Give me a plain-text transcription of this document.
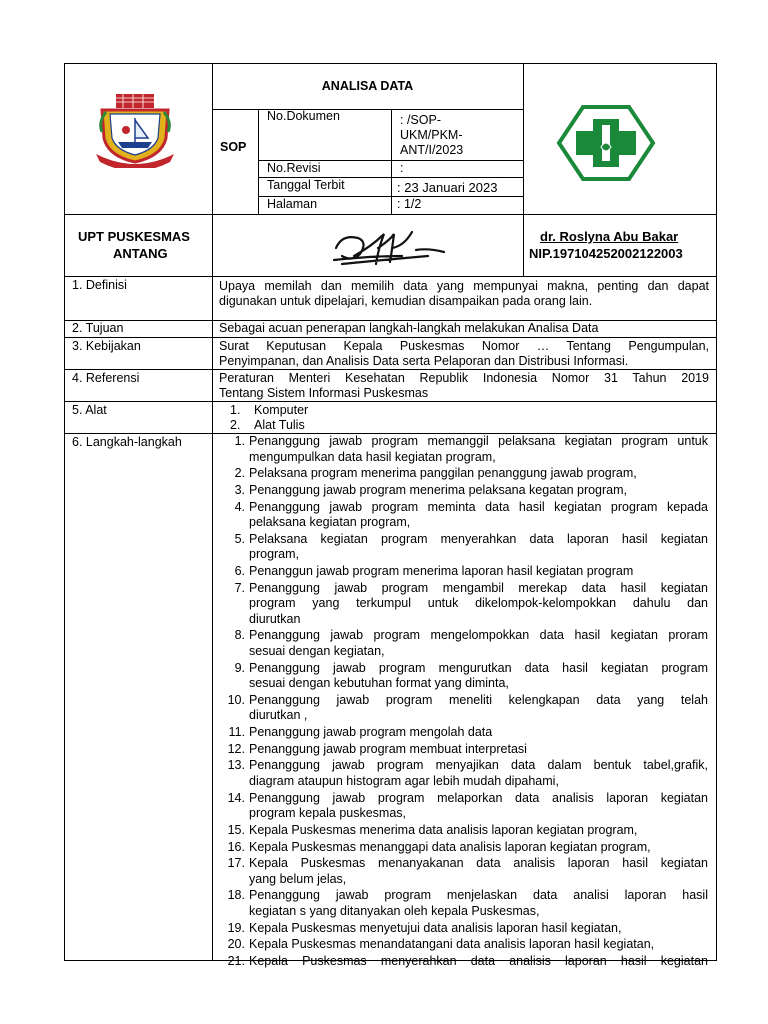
ANALISA DATA
SOP
No.Dokumen	: /SOP-
UKM/PKM-
ANT/I/2023
No.Revisi	:
Tanggal Terbit	: 23 Januari 2023
Halaman	: 1/2
UPT PUSKESMAS
ANTANG
dr. Roslyna Abu Bakar
NIP.197104252002122003
1. Definisi	Upaya memilah dan memilih data yang mempunyai makna, penting dan dapat
digunakan untuk dipelajari, kemudian disampaikan pada orang lain.
2. Tujuan	Sebagai acuan penerapan langkah-langkah melakukan Analisa Data
3. Kebijakan	Surat Keputusan Kepala Puskesmas Nomor … Tentang Pengumpulan,
Penyimpanan, dan Analisis Data serta Pelaporan dan Distribusi Informasi.
4. Referensi	Peraturan Menteri Kesehatan Republik Indonesia Nomor 31 Tahun 2019
Tentang Sistem Informasi Puskesmas
5. Alat	1. Komputer
2. Alat Tulis
6. Langkah-langkah	1. Penanggung jawab program memanggil pelaksana kegiatan program untuk
mengumpulkan data hasil kegiatan program,
2. Pelaksana program menerima panggilan penanggung jawab program,
3. Penanggung jawab program menerima pelaksana kegatan program,
4. Penanggung jawab program meminta data hasil kegiatan program kepada
pelaksana kegiatan program,
5. Pelaksana kegiatan program menyerahkan data laporan hasil kegiatan
program,
6. Penanggun jawab program menerima laporan hasil kegiatan program
7. Penanggung jawab program mengambil merekap data hasil kegiatan
program yang terkumpul untuk dikelompok-kelompokkan dahulu dan
diurutkan
8. Penanggung jawab program mengelompokkan data hasil kegiatan proram
sesuai dengan kegiatan,
9. Penanggung jawab program mengurutkan data hasil kegiatan program
sesuai dengan kebutuhan format yang diminta,
10. Penanggung jawab program meneliti kelengkapan data yang telah
diurutkan ,
11. Penanggung jawab program mengolah data
12. Penanggung jawab program membuat interpretasi
13. Penanggung jawab program menyajikan data dalam bentuk tabel,grafik,
diagram ataupun histogram agar lebih mudah dipahami,
14. Penanggung jawab program melaporkan data analisis laporan kegiatan
program kepala puskesmas,
15. Kepala Puskesmas menerima data analisis laporan kegiatan program,
16. Kepala Puskesmas menanggapi data analisis laporan kegiatan program,
17. Kepala Puskesmas menanyakanan data analisis laporan hasil kegiatan
yang belum jelas,
18. Penanggung jawab program menjelaskan data analisi laporan hasil
kegiatan s yang ditanyakan oleh kepala Puskesmas,
19. Kepala Puskesmas menyetujui data analisis laporan hasil kegiatan,
20. Kepala Puskesmas menandatangani data analisis laporan hasil kegiatan,
21. Kepala Puskesmas menyerahkan data analisis laporan hasil kegiatan
